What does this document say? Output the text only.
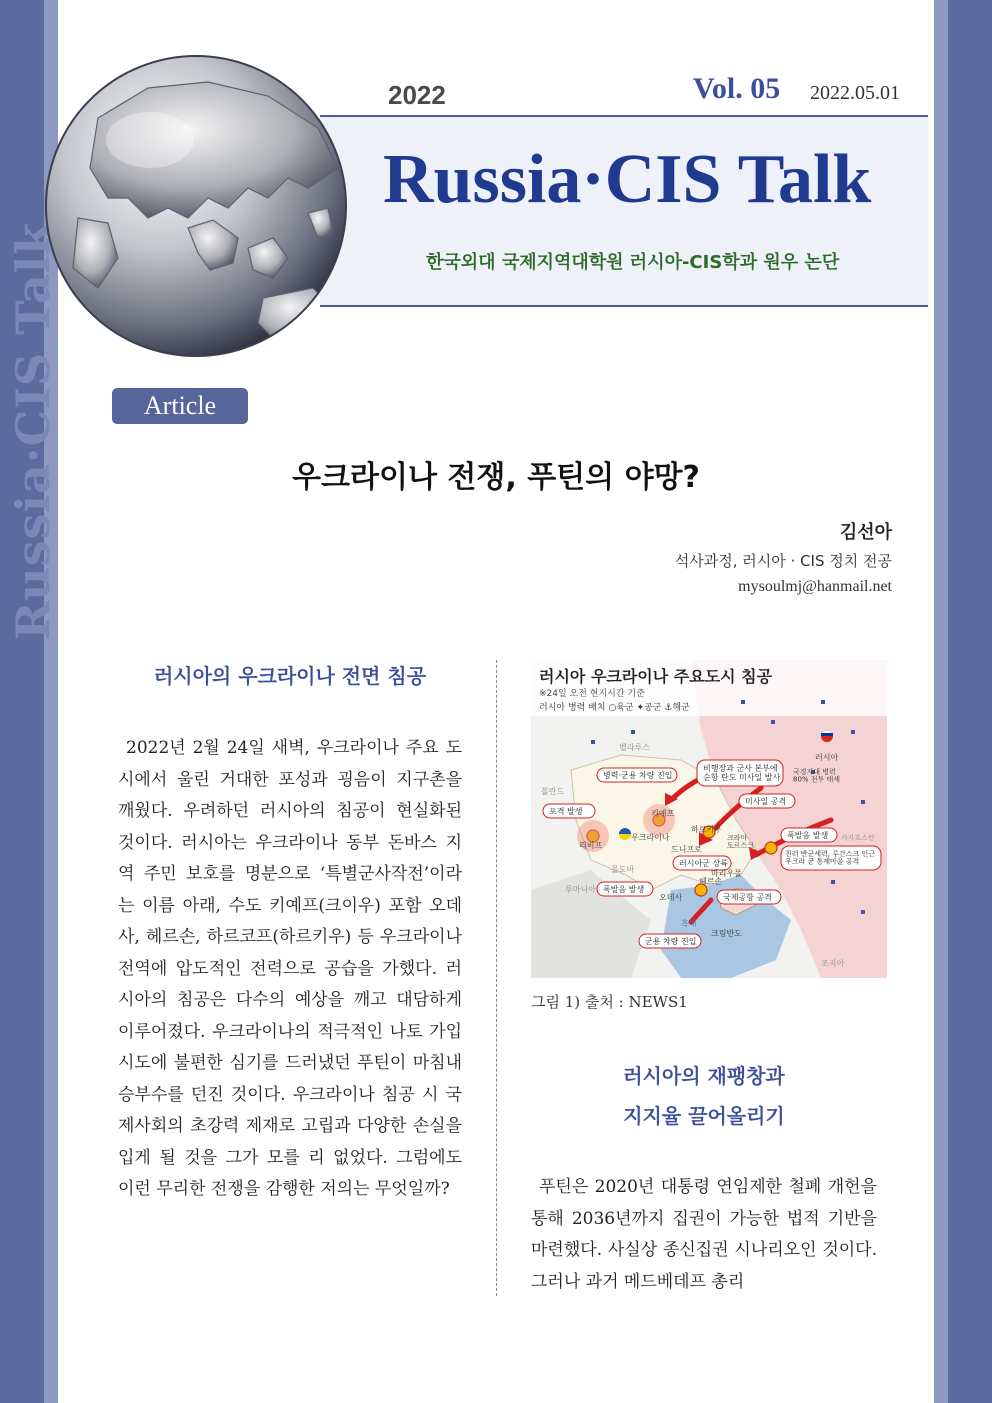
Russia·CIS Talk
2022	Vol. 05 2022.05.01
Russia·CIS Talk
한국외대 국제지역대학원 러시아-CIS학과 원우 논단
Article
우크라이나 전쟁, 푸틴의 야망?
김선아
석사과정, 러시아 · CIS 정치 전공
mysoulmj@hanmail.net
러시아의 우크라이나 전면 침공
2022년 2월 24일 새벽, 우크라이나 주요 도시에서 울린 거대한 포성과 굉음이 지구촌을 깨웠다. 우려하던 러시아의 침공이 현실화된 것이다. 러시아는 우크라이나 동부 돈바스 지역 주민 보호를 명분으로 ‘특별군사작전’이라는 이름 아래, 수도 키예프(크이우) 포함 오데사, 헤르손, 하르코프(하르키우) 등 우크라이나 전역에 압도적인 전력으로 공습을 가했다. 러시아의 침공은 다수의 예상을 깨고 대담하게 이루어졌다. 우크라이나의 적극적인 나토 가입 시도에 불편한 심기를 드러냈던 푸틴이 마침내 승부수를 던진 것이다. 우크라이나 침공 시 국제사회의 초강력 제재로 고립과 다양한 손실을 입게 될 것을 그가 모를 리 없었다. 그럼에도 이런 무리한 전쟁을 감행한 저의는 무엇일까?
러시아 우크라이나 주요도시 침공
※24일 오전 현지시간 기준
러시아 병력 배치 ○육군 ✦공군 ⚓해군
병력·군용 차량 진입
비행장과 군사 본부에 순항 탄도 미사일 발사
포격 발생
미사일 공격
폭발음 발생
친러 반군세력, 루간스크 인근 우크라 군 통제마을 공격
러시아군 상륙
폭발음 발생
국제공항 공격
군용 차량 진입
벨라루스
폴란드
러시아
국경지대 병력 80% 전투 태세
키예프
우크라이나
하르키우
리비프	드니프로
크라마 토르스크
몰도바	마리우폴
루마니아
헤르손
오데사
흑해
크림반도
카자흐스탄
조지아
그림 1) 출처 : NEWS1
러시아의 재팽창과
지지율 끌어올리기
푸틴은 2020년 대통령 연임제한 철폐 개헌을 통해 2036년까지 집권이 가능한 법적 기반을 마련했다. 사실상 종신집권 시나리오인 것이다. 그러나 과거 메드베데프 총리
